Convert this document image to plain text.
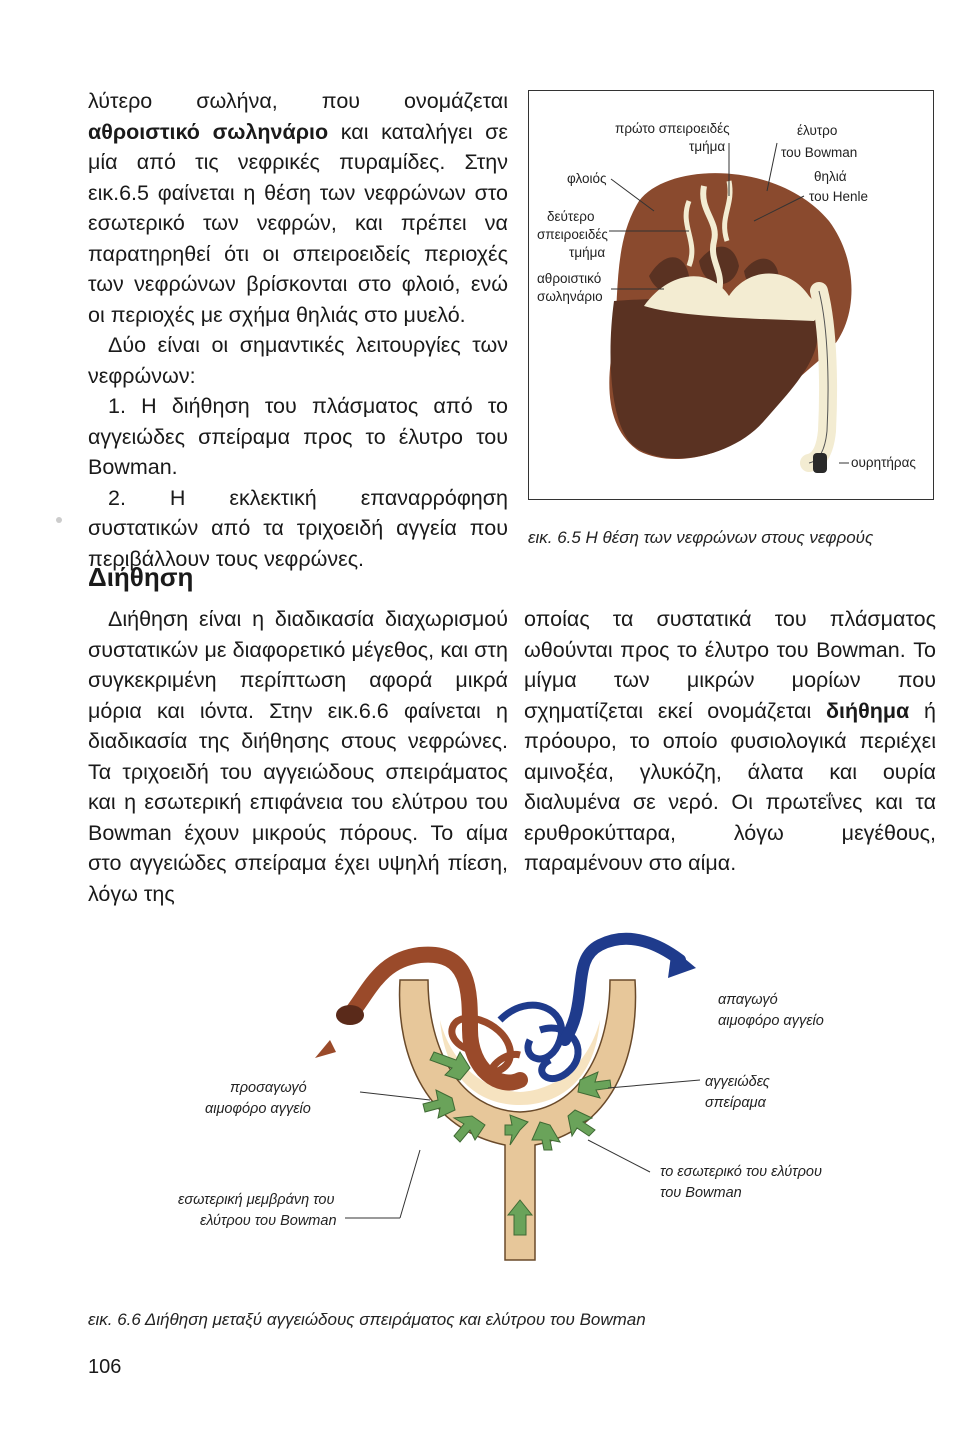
λύτερο σωλήνα, που ονομάζεται αθροιστικό σωληνάριο και καταλήγει σε μία από τις νεφρικές πυραμίδες. Στην εικ.6.5 φαίνεται η θέση των νεφρώνων στο εσωτερικό των νεφρών, και πρέπει να παρατηρηθεί ότι οι σπειροειδείς περιοχές των νεφρώνων βρίσκονται στο φλοιό, ενώ οι περιοχές με σχήμα θηλιάς στο μυελό.

Δύο είναι οι σημαντικές λειτουργίες των νεφρώνων:

1. Η διήθηση του πλάσματος από το αγγειώδες σπείραμα προς το έλυτρο του Bowman.

2. Η εκλεκτική επαναρρόφηση συστατικών από τα τριχοειδή αγγεία που περιβάλλουν τους νεφρώνες.

Διήθηση

Διήθηση είναι η διαδικασία διαχωρισμού συστατικών με διαφορετικό μέγεθος, και στη συγκεκριμένη περίπτωση αφορά μικρά μόρια και ιόντα. Στην εικ.6.6 φαίνεται η διαδικασία της διήθησης στους νεφρώνες. Τα τριχοειδή του αγγειώδους σπειράματος και η εσωτερική επιφάνεια του ελύτρου του Bowman έχουν μικρούς πόρους. Το αίμα στο αγγειώδες σπείραμα έχει υψηλή πίεση, λόγω της

οποίας τα συστατικά του πλάσματος ωθούνται προς το έλυτρο του Bowman. Το μίγμα των μικρών μορίων που σχηματίζεται εκεί ονομάζεται διήθημα ή πρόουρο, το οποίο φυσιολογικά περιέχει αμινοξέα, γλυκόζη, άλατα και ουρία διαλυμένα σε νερό. Οι πρωτεΐνες και τα ερυθροκύτταρα, λόγω μεγέθους, παραμένουν στο αίμα.

πρώτο σπειροειδές
τμήμα
έλυτρο
του Bowman
φλοιός	θηλιά
του Henle
δεύτερο
σπειροειδές
τμήμα
αθροιστικό
σωληνάριο
ουρητήρας
εικ. 6.5 Η θέση των νεφρώνων στους νεφρούς
απαγωγό
αιμοφόρο αγγείο
προσαγωγό
αιμοφόρο αγγείο
αγγειώδες
σπείραμα
το εσωτερικό του ελύτρου
του Bowman
εσωτερική μεμβράνη του
ελύτρου του Bowman
εικ. 6.6 Διήθηση μεταξύ αγγειώδους σπειράματος και ελύτρου του Bowman
106
